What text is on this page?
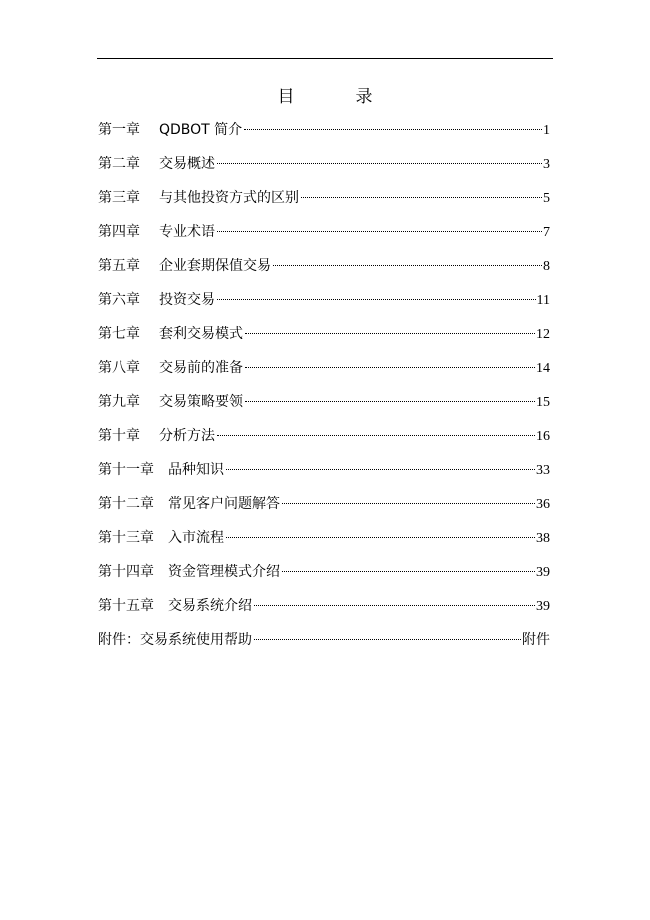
目　录
第一章	QDBOT 简介	1
第二章	交易概述	3
第三章	与其他投资方式的区别	5
第四章	专业术语	7
第五章	企业套期保值交易	8
第六章	投资交易	11
第七章	套利交易模式	12
第八章	交易前的准备	14
第九章	交易策略要领	15
第十章	分析方法	16
第十一章	品种知识	33
第十二章	常见客户问题解答	36
第十三章	入市流程	38
第十四章	资金管理模式介绍	39
第十五章	交易系统介绍	39
附件：交易系统使用帮助	附件
